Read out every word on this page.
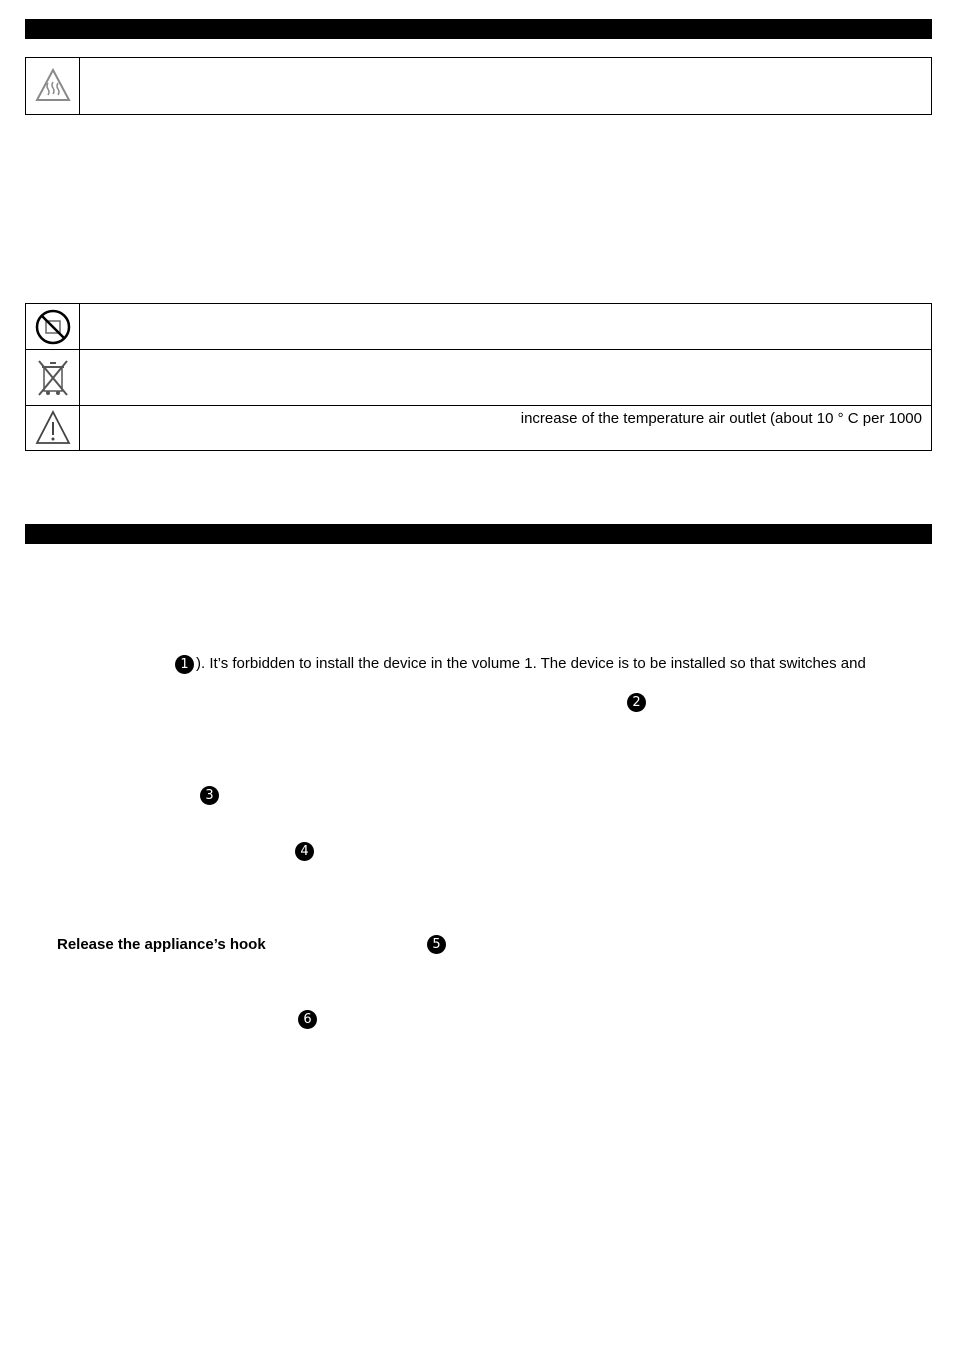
increase of the temperature air outlet (about 10 ° C per 1000
1 ). It’s forbidden to install the device in the volume 1. The device is to be installed so that switches and
2
3
4
Release the appliance’s hook	5
6
